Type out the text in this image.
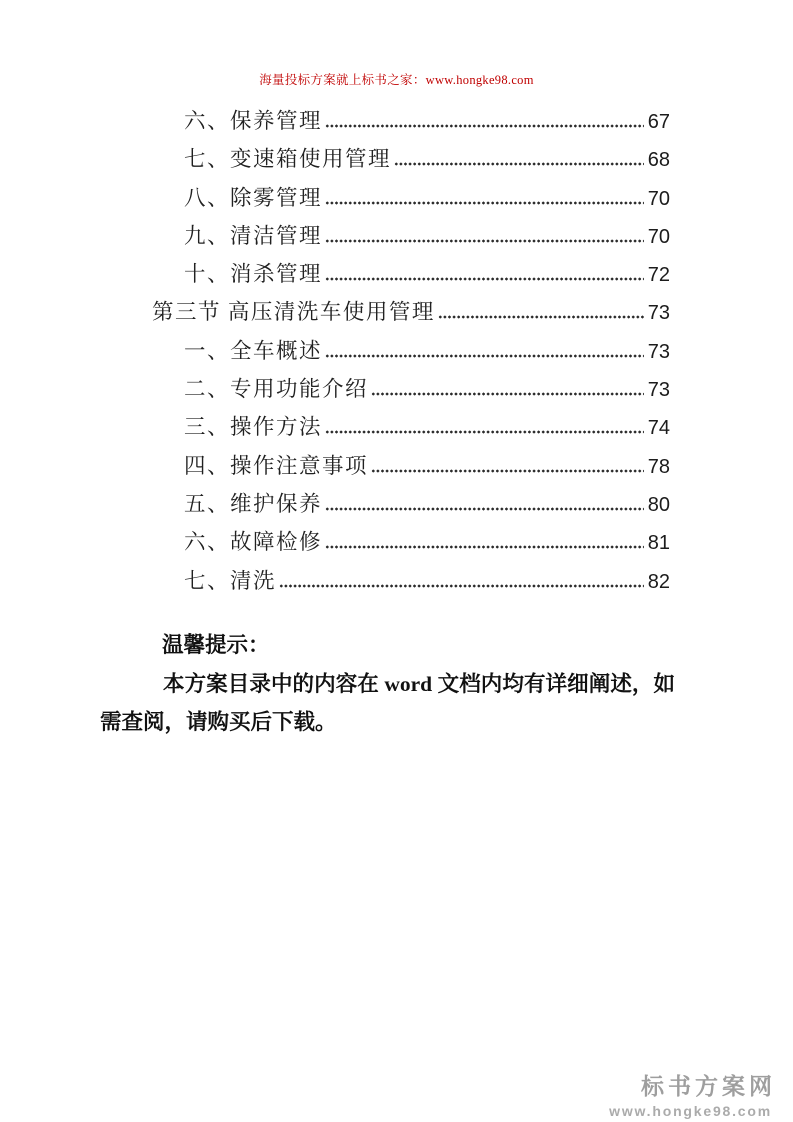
海量投标方案就上标书之家：www.hongke98.com
六、保养管理	67
七、变速箱使用管理	68
八、除雾管理	70
九、清洁管理	70
十、消杀管理	72
第三节 高压清洗车使用管理	73
一、全车概述	73
二、专用功能介绍	73
三、操作方法	74
四、操作注意事项	78
五、维护保养	80
六、故障检修	81
七、清洗	82
温馨提示：
本方案目录中的内容在 word 文档内均有详细阐述，如需查阅，请购买后下载。
标书方案网
www.hongke98.com
